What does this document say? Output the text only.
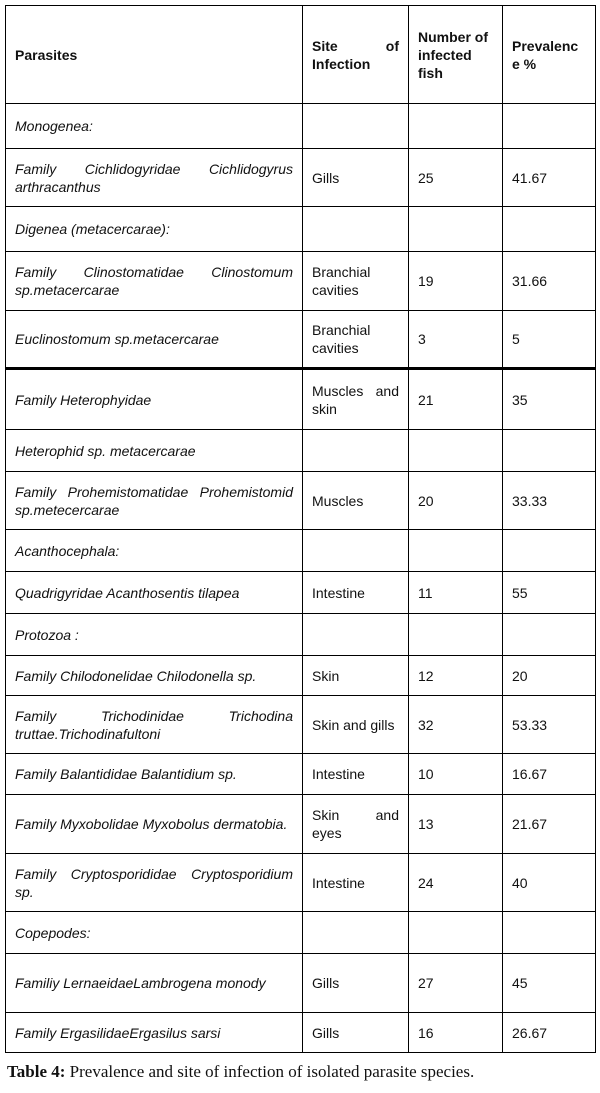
Parasites	Site of Infection	Number of infected fish	Prevalenc e %
Monogenea:			
Family Cichlidogyridae Cichlidogyrus arthracanthus	Gills	25	41.67
Digenea (metacercarae):			
Family Clinostomatidae Clinostomum sp.metacercarae	Branchial cavities	19	31.66
Euclinostomum sp.metacercarae	Branchial cavities	3	5
Family Heterophyidae	Muscles and skin	21	35
Heterophid sp. metacercarae			
Family Prohemistomatidae Prohemistomid sp.metecercarae	Muscles	20	33.33
Acanthocephala:			
Quadrigyridae Acanthosentis tilapea	Intestine	11	55
Protozoa :			
Family Chilodonelidae Chilodonella sp.	Skin	12	20
Family Trichodinidae Trichodina truttae.Trichodinafultoni	Skin and gills	32	53.33
Family Balantididae Balantidium sp.	Intestine	10	16.67
Family Myxobolidae Myxobolus dermatobia.	Skin and eyes	13	21.67
Family Cryptosporididae Cryptosporidium sp.	Intestine	24	40
Copepodes:			
Familiy LernaeidaeLambrogena monody	Gills	27	45
Family ErgasilidaeErgasilus sarsi	Gills	16	26.67
Table 4: Prevalence and site of infection of isolated parasite species.
